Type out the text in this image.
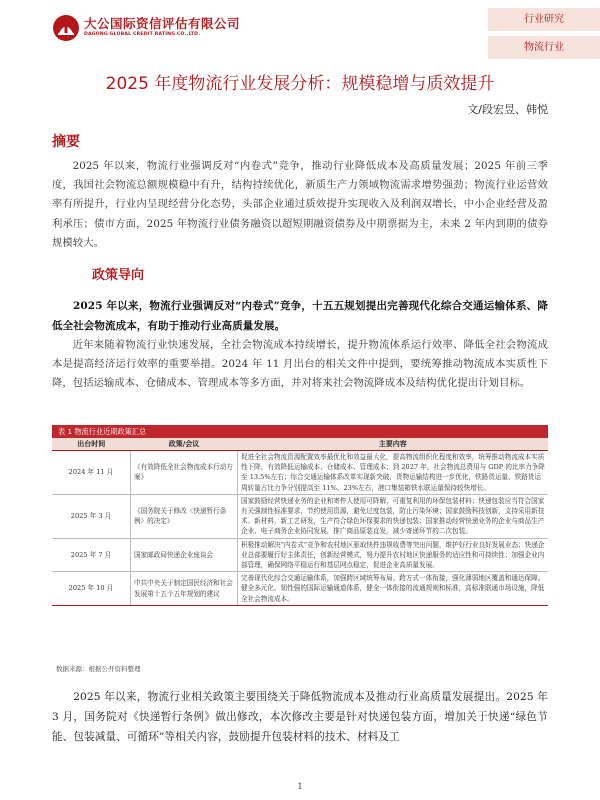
大公国际资信评估有限公司
DAGONG GLOBAL CREDIT RATING CO.,LTD.
行业研究
物流行业
2025 年度物流行业发展分析：规模稳增与质效提升
文/段宏昱、韩悦
摘要
2025 年以来，物流行业强调反对“内卷式”竞争，推动行业降低成本及高质量发展；2025 年前三季度，我国社会物流总额规模稳中有升，结构持续优化，新质生产力领域物流需求增势强劲；物流行业运营效率有所提升，行业内呈现经营分化态势，头部企业通过质效提升实现收入及利润双增长，中小企业经营及盈利承压；债市方面，2025 年物流行业债务融资以超短期融资债券及中期票据为主，未来 2 年内到期的债券规模较大。
政策导向
2025 年以来，物流行业强调反对“内卷式”竞争，十五五规划提出完善现代化综合交通运输体系、降低全社会物流成本，有助于推动行业高质量发展。
近年来随着物流行业快速发展，全社会物流成本持续增长，提升物流体系运行效率、降低全社会物流成本是提高经济运行效率的重要举措。2024 年 11 月出台的相关文件中提到，要统筹推动物流成本实质性下降，包括运输成本、仓储成本、管理成本等多方面，并对将来社会物流降成本及结构优化提出计划目标。
表 1 物流行业近期政策汇总
出台时间	政策/会议	主要内容
2024 年 11 月	《有效降低全社会物流成本行动方案》	促进全社会物流资源配置效率最优化和效益最大化，提高物流组织化程度和效率，统筹推动物流成本实质性下降，有效降低运输成本、仓储成本、管理成本；到 2027 年，社会物流总费用与 GDP 的比率力争降至 13.5%左右；综合交通运输体系改革实现新突破，货物运输结构进一步优化，铁路货运量、铁路货运周转量占比力争分别提高至 11%、23%左右，港口集装箱铁水联运量保持较快增长。
2025 年 3 月	《国务院关于修改〈快递暂行条例〉的决定》	国家鼓励经营快递业务的企业和寄件人使用可降解、可重复利用的环保包装材料；快递包装应当符合国家有关强制性标准要求，节约使用资源，避免过度包装，防止污染环境；国家鼓励科技创新，支持采用新技术、新材料、新工艺研发，生产符合绿色环保要求的快递包装；国家推动经营快递业务的企业与商品生产企业、电子商务企业协同发展，推广商品原装直发，减少寄递环节的二次包装。
2025 年 7 月	国家邮政局快递企业座谈会	积极推动解决“内卷式”竞争和农村地区驱取快件违规收费等突出问题，维护好行业良好发展业态；快递企业总部要履行好主体责任，创新经营模式，努力提升农村地区快递服务的适应性和可持续性；加强企业内部管理，确保网络平稳运行和基层网点稳定，促进企业高质量发展。
2025 年 10 月	中共中央关于制定国民经济和社会发展第十五个五年规划的建议	完善现代化综合交通运输体系，加强跨区域统筹布局、跨方式一体衔接，强化薄弱地区覆盖和通达保障。健全多元化、韧性强的国际运输通道体系，健全一体衔接的流通规则和标准，高标准联通市场设施，降低全社会物流成本。
数据来源：根据公开资料整理
2025 年以来，物流行业相关政策主要围绕关于降低物流成本及推动行业高质量发展提出。2025 年 3 月，国务院对《快递暂行条例》做出修改，本次修改主要是针对快递包装方面，增加关于快递“绿色节能、包装减量、可循环”等相关内容，鼓励提升包装材料的技术、材料及工
1
